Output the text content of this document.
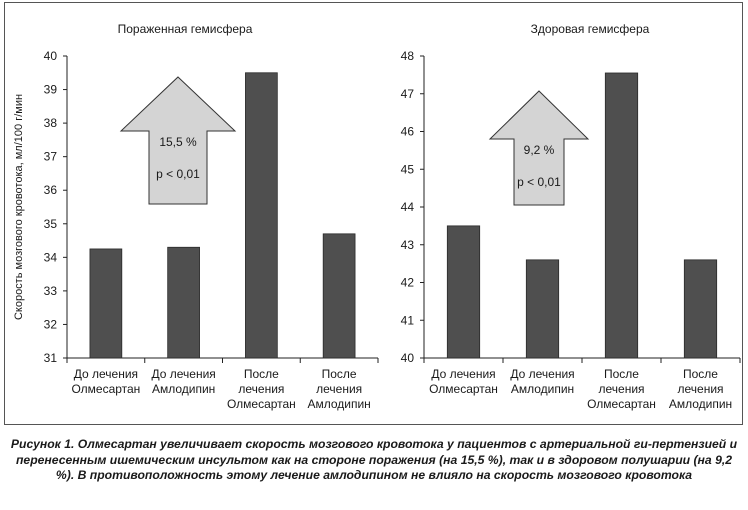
Пораженная гемисфера
31
32
33
34
35
36
37
38
39
40
До лечения
Олмесартан
До лечения
Амлодипин
После
лечения
Олмесартан
После
лечения
Амлодипин
Скорость мозгового кровотока, мл/100 г/мин	15,5 %
p < 0,01
Здоровая гемисфера
40
41
42
43
44
45
46
47
48
До лечения
Олмесартан
До лечения
Амлодипин
После
лечения
Олмесартан
После
лечения
Амлодипин
9,2 %
p < 0,01
Рисунок 1. Олмесартан увеличивает скорость мозгового кровотока у пациентов с артериальной ги-пертензией и перенесенным ишемическим инсультом как на стороне поражения (на 15,5 %), так и в здоровом полушарии (на 9,2 %). В противоположность этому лечение амлодипином не влияло на скорость мозгового кровотока
